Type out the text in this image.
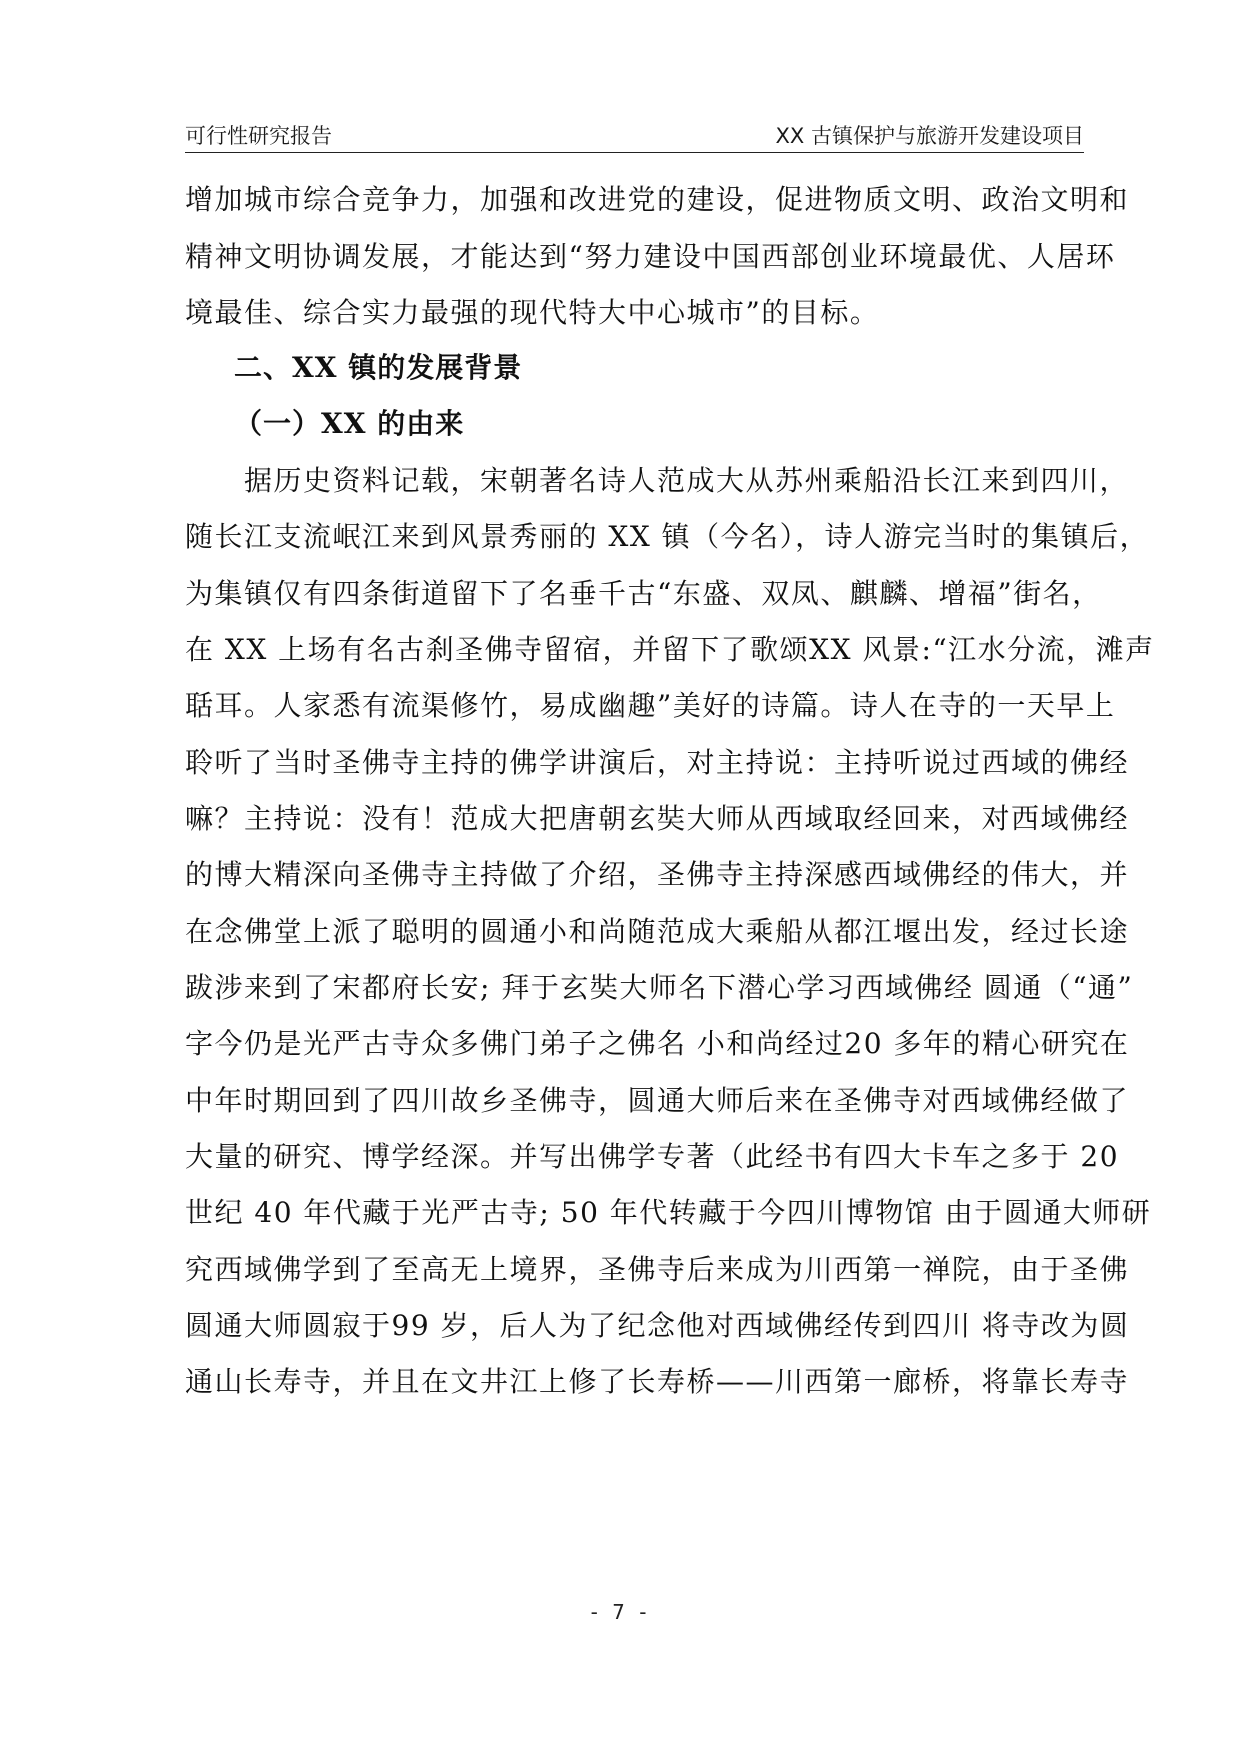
可行性研究报告	XX 古镇保护与旅游开发建设项目
增加城市综合竞争力，加强和改进党的建设，促进物质文明、政治文明和
精神文明协调发展，才能达到“努力建设中国西部创业环境最优、人居环
境最佳、综合实力最强的现代特大中心城市”的目标。
二、XX 镇的发展背景
（一）XX 的由来
　　据历史资料记载，宋朝著名诗人范成大从苏州乘船沿长江来到四川，
随长江支流岷江来到风景秀丽的 XX 镇（今名），诗人游完当时的集镇后，
为集镇仅有四条街道留下了名垂千古“东盛、双凤、麒麟、增福”街名，
在 XX 上场有名古刹圣佛寺留宿，并留下了歌颂XX 风景:“江水分流，滩声
聒耳。人家悉有流渠修竹，易成幽趣”美好的诗篇。诗人在寺的一天早上
聆听了当时圣佛寺主持的佛学讲演后，对主持说：主持听说过西域的佛经
嘛？主持说：没有！范成大把唐朝玄奘大师从西域取经回来，对西域佛经
的博大精深向圣佛寺主持做了介绍，圣佛寺主持深感西域佛经的伟大，并
在念佛堂上派了聪明的圆通小和尚随范成大乘船从都江堰出发，经过长途
跋涉来到了宋都府长安; 拜于玄奘大师名下潜心学习西域佛经 圆通（“通”
字今仍是光严古寺众多佛门弟子之佛名 小和尚经过20 多年的精心研究在
中年时期回到了四川故乡圣佛寺，圆通大师后来在圣佛寺对西域佛经做了
大量的研究、博学经深。并写出佛学专著（此经书有四大卡车之多于 20
世纪 40 年代藏于光严古寺; 50 年代转藏于今四川博物馆 由于圆通大师研
究西域佛学到了至高无上境界，圣佛寺后来成为川西第一禅院，由于圣佛
圆通大师圆寂于99 岁，后人为了纪念他对西域佛经传到四川 将寺改为圆
通山长寿寺，并且在文井江上修了长寿桥——川西第一廊桥，将靠长寿寺
- 7 -
